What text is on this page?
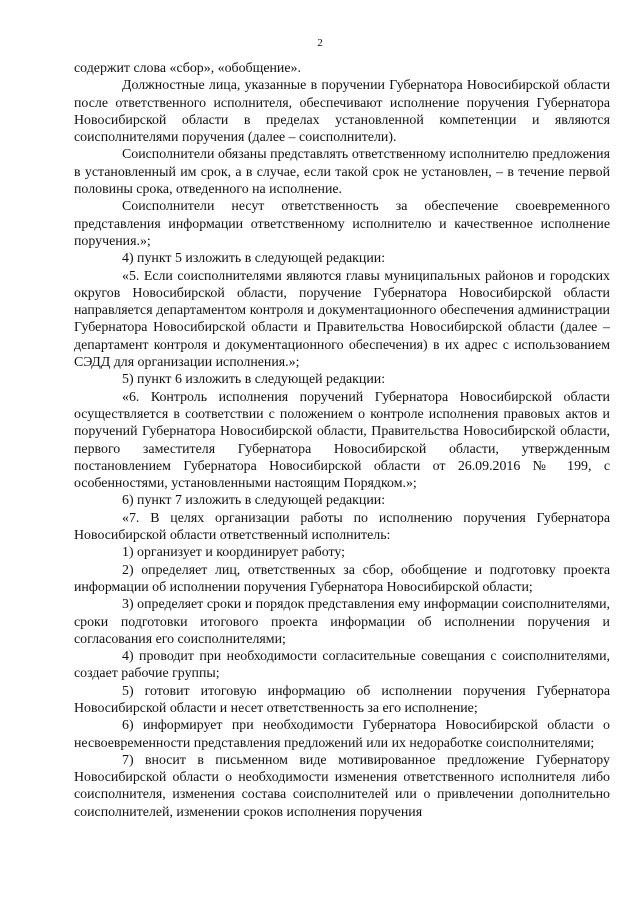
2

содержит слова «сбор», «обобщение».

Должностные лица, указанные в поручении Губернатора Новосибирской области после ответственного исполнителя, обеспечивают исполнение поручения Губернатора Новосибирской области в пределах установленной компетенции и являются соисполнителями поручения (далее – соисполнители).

Соисполнители обязаны представлять ответственному исполнителю предложения в установленный им срок, а в случае, если такой срок не установлен, – в течение первой половины срока, отведенного на исполнение.

Соисполнители несут ответственность за обеспечение своевременного представления информации ответственному исполнителю и качественное исполнение поручения.»;

4) пункт 5 изложить в следующей редакции:

«5. Если соисполнителями являются главы муниципальных районов и городских округов Новосибирской области, поручение Губернатора Новосибирской области направляется департаментом контроля и документационного обеспечения администрации Губернатора Новосибирской области и Правительства Новосибирской области (далее – департамент контроля и документационного обеспечения) в их адрес с использованием СЭДД для организации исполнения.»;

5) пункт 6 изложить в следующей редакции:

«6. Контроль исполнения поручений Губернатора Новосибирской области осуществляется в соответствии с положением о контроле исполнения правовых актов и поручений Губернатора Новосибирской области, Правительства Новосибирской области, первого заместителя Губернатора Новосибирской области, утвержденным постановлением Губернатора Новосибирской области от 26.09.2016 № 199, с особенностями, установленными настоящим Порядком.»;

6) пункт 7 изложить в следующей редакции:

«7. В целях организации работы по исполнению поручения Губернатора Новосибирской области ответственный исполнитель:

1) организует и координирует работу;

2) определяет лиц, ответственных за сбор, обобщение и подготовку проекта информации об исполнении поручения Губернатора Новосибирской области;

3) определяет сроки и порядок представления ему информации соисполнителями, сроки подготовки итогового проекта информации об исполнении поручения и согласования его соисполнителями;

4) проводит при необходимости согласительные совещания с соисполнителями, создает рабочие группы;

5) готовит итоговую информацию об исполнении поручения Губернатора Новосибирской области и несет ответственность за его исполнение;

6) информирует при необходимости Губернатора Новосибирской области о несвоевременности представления предложений или их недоработке соисполнителями;

7) вносит в письменном виде мотивированное предложение Губернатору Новосибирской области о необходимости изменения ответственного исполнителя либо соисполнителя, изменения состава соисполнителей или о привлечении дополнительно соисполнителей, изменении сроков исполнения поручения
